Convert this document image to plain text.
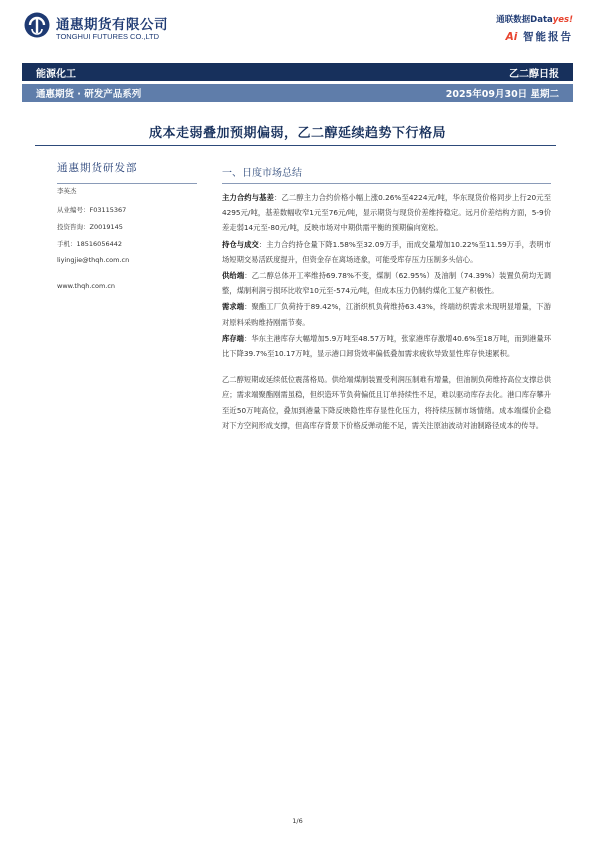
通惠期货有限公司
TONGHUI FUTURES CO.,LTD
通联数据Datayes!
Ai 智能报告
能源化工	乙二醇日报
通惠期货 · 研发产品系列	2025年09月30日 星期二
成本走弱叠加预期偏弱，乙二醇延续趋势下行格局
通惠期货研发部
李英杰
从业编号：F03115367
投资咨询：Z0019145
手机：18516056442
liyingjie@thqh.com.cn
www.thqh.com.cn
一、日度市场总结

主力合约与基差：乙二醇主力合约价格小幅上涨0.26%至4224元/吨，华东现货价格同步上行20元至4295元/吨，基差数幅收窄1元至76元/吨，显示期货与现货价差维持稳定。远月价差结构方面，5-9价差走弱14元至-80元/吨，反映市场对中期供需平衡的预期偏向宽松。

持仓与成交：主力合约持仓量下降1.58%至32.09万手，而成交量增加10.22%至11.59万手，表明市场短期交易活跃度提升，但资金存在离场迹象，可能受库存压力压制多头信心。

供给端：乙二醇总体开工率维持69.78%不变，煤制（62.95%）及油制（74.39%）装置负荷均无调整，煤制利润亏损环比收窄10元至-574元/吨，但成本压力仍制约煤化工复产积极性。

需求端：聚酯工厂负荷持于89.42%，江浙织机负荷维持63.43%，终端纺织需求未现明显增量，下游对原料采购维持刚需节奏。

库存端：华东主港库存大幅增加5.9万吨至48.57万吨，张家港库存激增40.6%至18万吨，而到港量环比下降39.7%至10.17万吨，显示港口卸货效率偏低叠加需求疲软导致显性库存快速累积。

乙二醇短期或延续低位震荡格局。供给端煤制装置受利润压制难有增量，但油制负荷维持高位支撑总供应；需求端聚酯刚需虽稳，但织造环节负荷偏低且订单持续性不足，难以驱动库存去化。港口库存攀升至近50万吨高位，叠加到港量下降反映隐性库存显性化压力，将持续压制市场情绪。成本端煤价企稳对下方空间形成支撑，但高库存背景下价格反弹动能不足，需关注原油波动对油制路径成本的传导。

1/6
